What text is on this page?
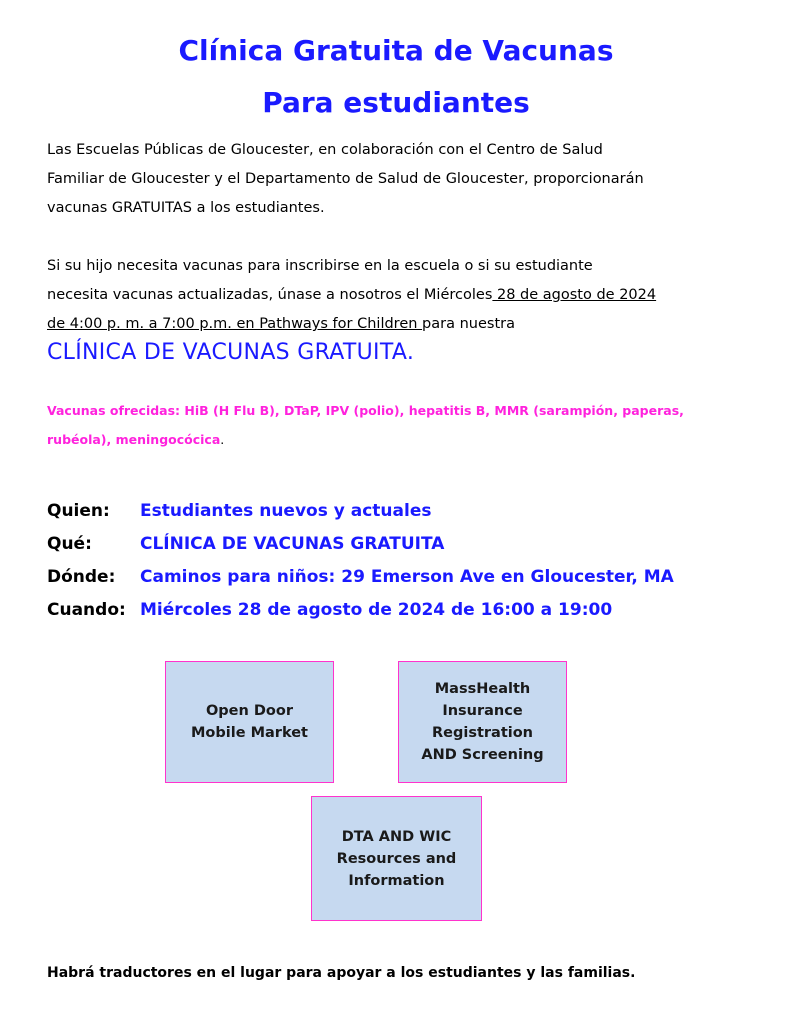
Clínica Gratuita de Vacunas
Para estudiantes

Las Escuelas Públicas de Gloucester, en colaboración con el Centro de Salud
Familiar de Gloucester y el Departamento de Salud de Gloucester, proporcionarán
vacunas GRATUITAS a los estudiantes.

Si su hijo necesita vacunas para inscribirse en la escuela o si su estudiante
necesita vacunas actualizadas, únase a nosotros el Miércoles 28 de agosto de 2024
de 4:00 p. m. a 7:00 p.m. en Pathways for Children para nuestra

CLÍNICA DE VACUNAS GRATUITA.

Vacunas ofrecidas: HiB (H Flu B), DTaP, IPV (polio), hepatitis B, MMR (sarampión, paperas, rubéola), meningocócica.

Quien:	Estudiantes nuevos y actuales
Qué:	CLÍNICA DE VACUNAS GRATUITA
Dónde:	Caminos para niños: 29 Emerson Ave en Gloucester, MA
Cuando: Miércoles 28 de agosto de 2024 de 16:00 a 19:00
Open Door
Mobile Market
MassHealth
Insurance
Registration
AND Screening
DTA AND WIC
Resources and
Information

Habrá traductores en el lugar para apoyar a los estudiantes y las familias.
